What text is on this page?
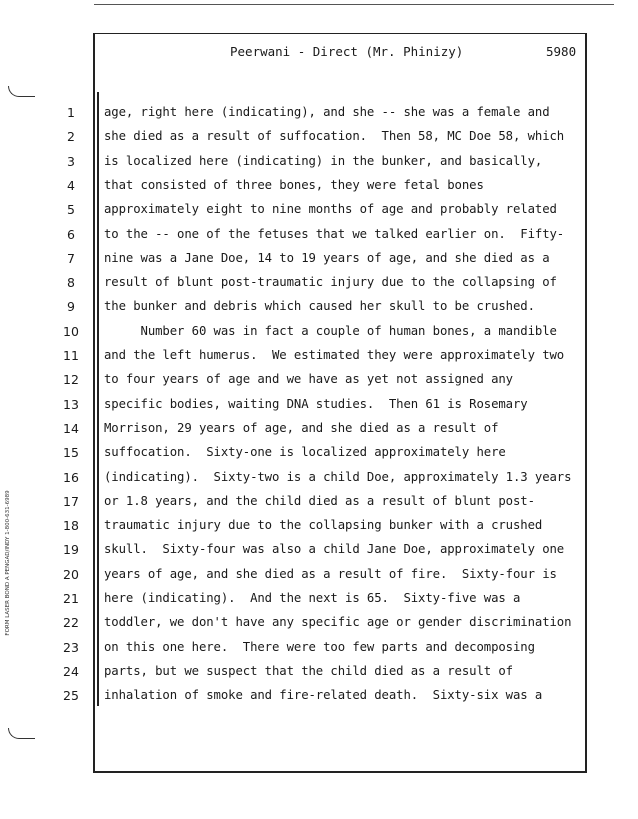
FORM LASER BOND A PENGAD/INDY 1-800-631-6989
Peerwani - Direct (Mr. Phinizy)	5980
1	age, right here (indicating), and she -- she was a female and
2	she died as a result of suffocation.  Then 58, MC Doe 58, which
3	is localized here (indicating) in the bunker, and basically,
4	that consisted of three bones, they were fetal bones
5	approximately eight to nine months of age and probably related
6	to the -- one of the fetuses that we talked earlier on.  Fifty-
7	nine was a Jane Doe, 14 to 19 years of age, and she died as a
8	result of blunt post-traumatic injury due to the collapsing of
9	the bunker and debris which caused her skull to be crushed.
10	Number 60 was in fact a couple of human bones, a mandible
11	and the left humerus.  We estimated they were approximately two
12	to four years of age and we have as yet not assigned any
13	specific bodies, waiting DNA studies.  Then 61 is Rosemary
14	Morrison, 29 years of age, and she died as a result of
15	suffocation.  Sixty-one is localized approximately here
16	(indicating).  Sixty-two is a child Doe, approximately 1.3 years
17	or 1.8 years, and the child died as a result of blunt post-
18	traumatic injury due to the collapsing bunker with a crushed
19	skull.  Sixty-four was also a child Jane Doe, approximately one
20	years of age, and she died as a result of fire.  Sixty-four is
21	here (indicating).  And the next is 65.  Sixty-five was a
22	toddler, we don't have any specific age or gender discrimination
23	on this one here.  There were too few parts and decomposing
24	parts, but we suspect that the child died as a result of
25	inhalation of smoke and fire-related death.  Sixty-six was a
